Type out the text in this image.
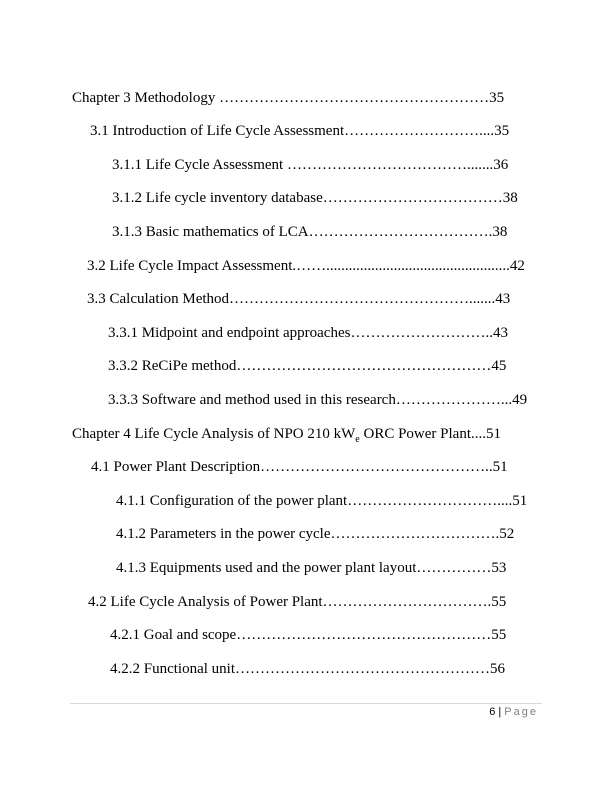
Chapter 3 Methodology ………………………………………………35
3.1 Introduction of Life Cycle Assessment………………………....35
3.1.1 Life Cycle Assessment ……………………………….......36
3.1.2 Life cycle inventory database………………………………38
3.1.3 Basic mathematics of LCA……………………………….38
3.2 Life Cycle Impact Assessment.…….................................................42
3.3 Calculation Method………………………………………….......43
3.3.1 Midpoint and endpoint approaches………………………..43
3.3.2 ReCiPe method……………………………………………45
3.3.3 Software and method used in this research…………………...49
Chapter 4 Life Cycle Analysis of NPO 210 $kW_e$ ORC Power Plant....51
4.1 Power Plant Description………………………………………..51
4.1.1 Configuration of the power plant…………………………....51
4.1.2 Parameters in the power cycle…………………………….52
4.1.3 Equipments used and the power plant layout……………53
4.2 Life Cycle Analysis of Power Plant…………………………….55
4.2.1 Goal and scope……………………………………………55
4.2.2 Functional unit……………………………………………56
6 | Page
